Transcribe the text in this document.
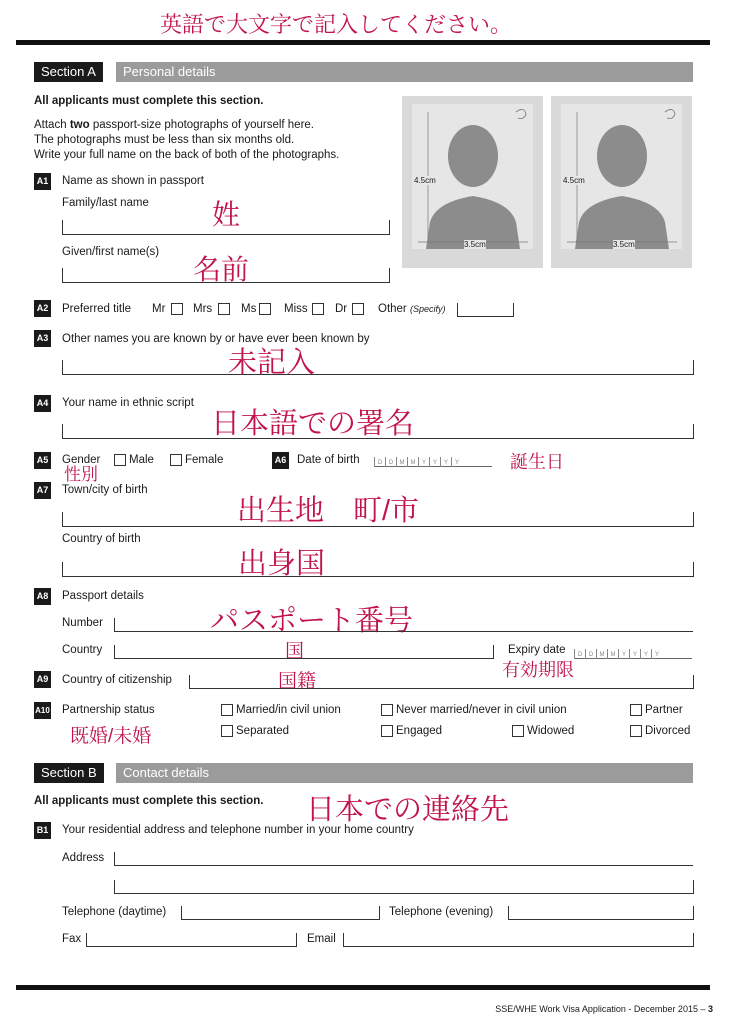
英語で大文字で記入してください。
Section A	Personal details
All applicants must complete this section.
Attach two passport-size photographs of yourself here.
The photographs must be less than six months old.
Write your full name on the back of both of the photographs.
4.5cm
3.5cm
4.5cm
3.5cm
A1 Name as shown in passport
Family/last name 姓
Given/first name(s)
名前
A2 Preferred title Mr Mrs	Ms Miss Dr	Other (Specify)
A3 Other names you are known by or have ever been known by
未記入
A4 Your name in ethnic script
日本語での署名
A5 Gender Male	Female
性別
A6 Date of birth	D D M M Y Y Y Y	誕生日
A7 Town/city of birth
出生地　町/市
Country of birth
出身国
A8 Passport details
パスポート番号
Number
Country	国	Expiry date	D D M M Y Y Y Y
有効期限
A9 Country of citizenship	国籍
A10 Partnership status
既婚/未婚
Married/in civil union	Never married/never in civil union	Partner
Separated	Engaged	Widowed	Divorced
Section B	Contact details
All applicants must complete this section. 日本での連絡先
B1 Your residential address and telephone number in your home country
Address
Telephone (daytime)	Telephone (evening)
Fax	Email
SSE/WHE Work Visa Application - December 2015 – 3
